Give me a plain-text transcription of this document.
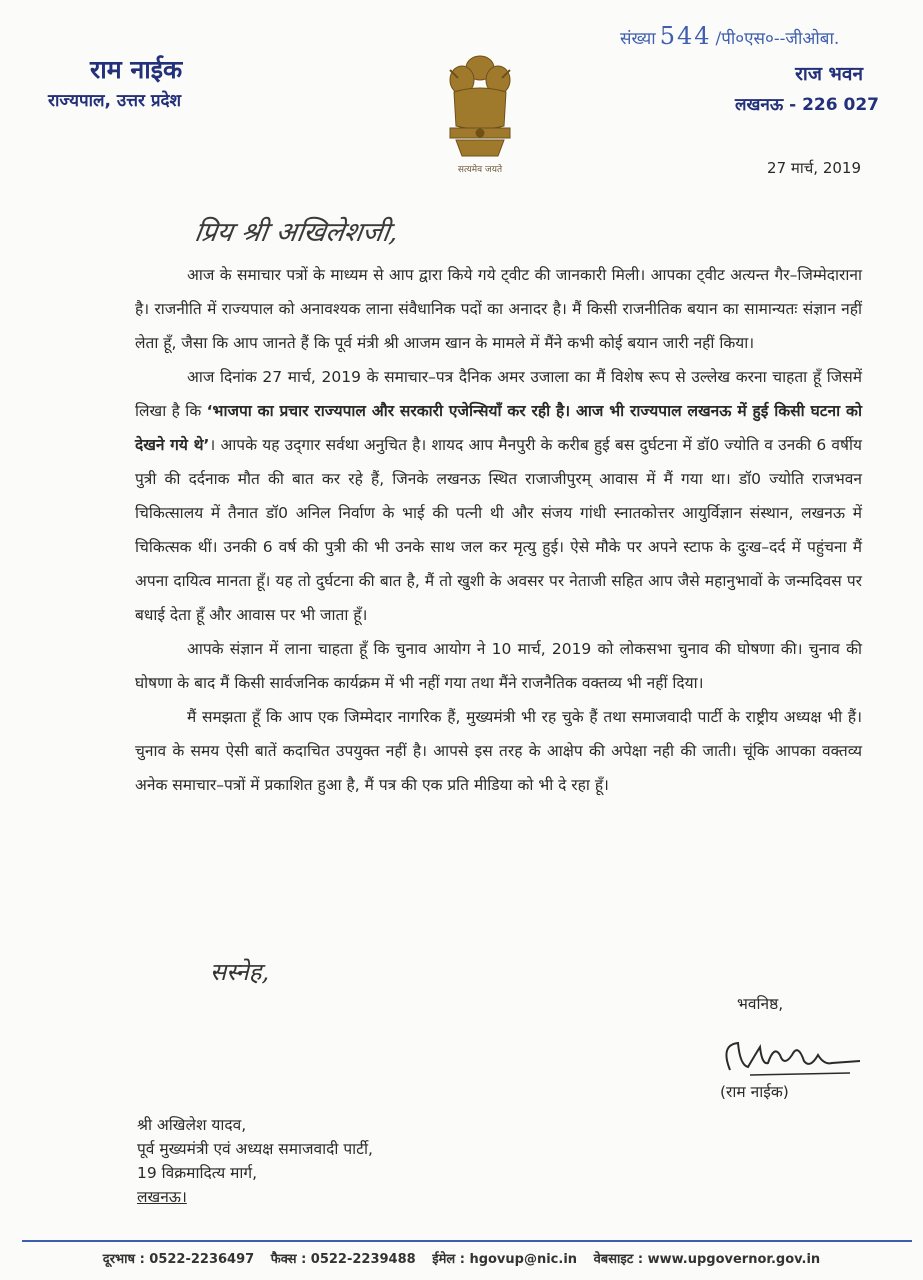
राम नाईक
राज्यपाल, उत्तर प्रदेश
संख्या 544 /पी०एस०--जीओबा.
राज भवन
लखनऊ - 226 027
सत्यमेव जयते	27 मार्च, 2019
प्रिय श्री अखिलेशजी,

आज के समाचार पत्रों के माध्यम से आप द्वारा किये गये ट्वीट की जानकारी मिली। आपका ट्वीट अत्यन्त गैर–जिम्मेदाराना है। राजनीति में राज्यपाल को अनावश्यक लाना संवैधानिक पदों का अनादर है। मैं किसी राजनीतिक बयान का सामान्यतः संज्ञान नहीं लेता हूँ, जैसा कि आप जानते हैं कि पूर्व मंत्री श्री आजम खान के मामले में मैंने कभी कोई बयान जारी नहीं किया।

आज दिनांक 27 मार्च, 2019 के समाचार–पत्र दैनिक अमर उजाला का मैं विशेष रूप से उल्लेख करना चाहता हूँ जिसमें लिखा है कि ‘भाजपा का प्रचार राज्यपाल और सरकारी एजेन्सियाँ कर रही है। आज भी राज्यपाल लखनऊ में हुई किसी घटना को देखने गये थे’। आपके यह उद्‌गार सर्वथा अनुचित है। शायद आप मैनपुरी के करीब हुई बस दुर्घटना में डॉ0 ज्योति व उनकी 6 वर्षीय पुत्री की दर्दनाक मौत की बात कर रहे हैं, जिनके लखनऊ स्थित राजाजीपुरम् आवास में मैं गया था। डॉ0 ज्योति राजभवन चिकित्सालय में तैनात डॉ0 अनिल निर्वाण के भाई की पत्नी थी और संजय गांधी स्नातकोत्तर आयुर्विज्ञान संस्थान, लखनऊ में चिकित्सक थीं। उनकी 6 वर्ष की पुत्री की भी उनके साथ जल कर मृत्यु हुई। ऐसे मौके पर अपने स्टाफ के दुःख–दर्द में पहुंचना मैं अपना दायित्व मानता हूँ। यह तो दुर्घटना की बात है, मैं तो खुशी के अवसर पर नेताजी सहित आप जैसे महानुभावों के जन्मदिवस पर बधाई देता हूँ और आवास पर भी जाता हूँ।

आपके संज्ञान में लाना चाहता हूँ कि चुनाव आयोग ने 10 मार्च, 2019 को लोकसभा चुनाव की घोषणा की। चुनाव की घोषणा के बाद मैं किसी सार्वजनिक कार्यक्रम में भी नहीं गया तथा मैंने राजनैतिक वक्तव्य भी नहीं दिया।

मैं समझता हूँ कि आप एक जिम्मेदार नागरिक हैं, मुख्यमंत्री भी रह चुके हैं तथा समाजवादी पार्टी के राष्ट्रीय अध्यक्ष भी हैं। चुनाव के समय ऐसी बातें कदाचित उपयुक्त नहीं है। आपसे इस तरह के आक्षेप की अपेक्षा नही की जाती। चूंकि आपका वक्तव्य अनेक समाचार–पत्रों में प्रकाशित हुआ है, मैं पत्र की एक प्रति मीडिया को भी दे रहा हूँ।

सस्नेह,
भवनिष्ठ,
(राम नाईक)
श्री अखिलेश यादव,
पूर्व मुख्यमंत्री एवं अध्यक्ष समाजवादी पार्टी,
19 विक्रमादित्य मार्ग,
लखनऊ।
दूरभाष : 0522-2236497 फैक्स : 0522-2239488 ईमेल : hgovup@nic.in वेबसाइट : www.upgovernor.gov.in
